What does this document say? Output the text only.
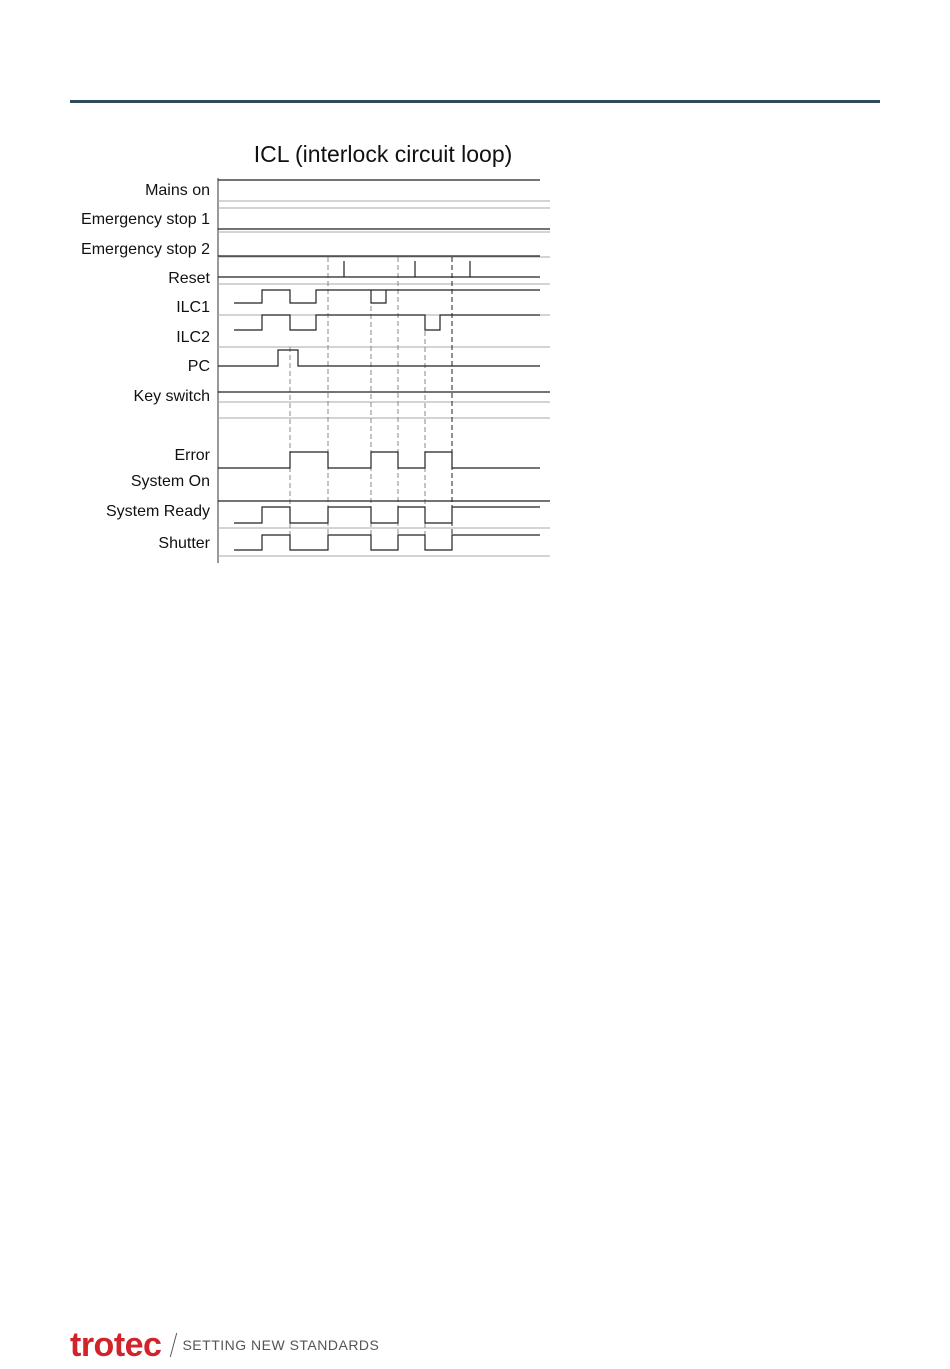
ICL (interlock circuit loop)
Mains on
Emergency stop 1
Emergency stop 2
Reset
ILC1
ILC2
PC
Key switch
Error
System On
System Ready
Shutter
trotec SETTING NEW STANDARDS
